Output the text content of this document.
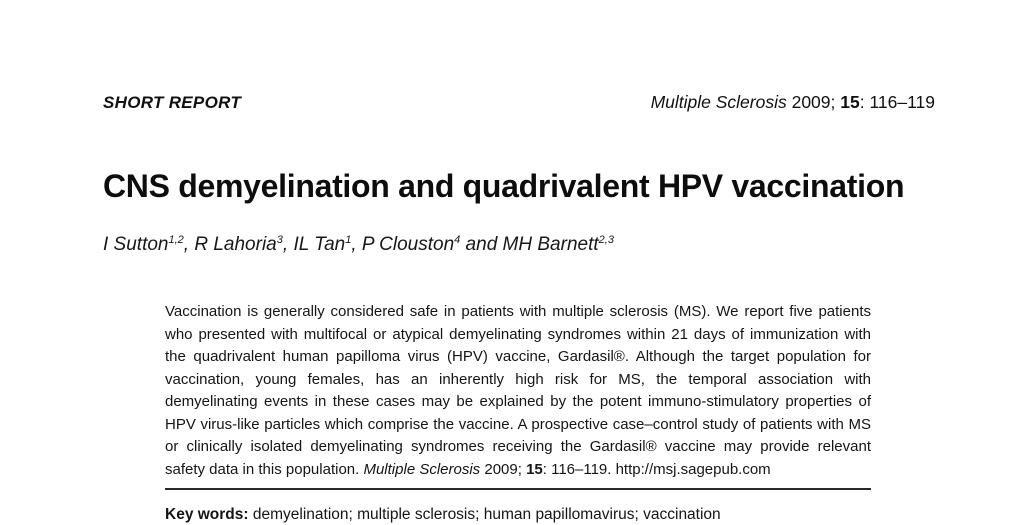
SHORT REPORT	Multiple Sclerosis 2009; 15: 116–119
CNS demyelination and quadrivalent HPV vaccination
I Sutton$^{1,2}$, R Lahoria$^3$, IL Tan$^1$, P Clouston$^4$ and MH Barnett$^{2,3}$

Vaccination is generally considered safe in patients with multiple sclerosis (MS). We report five patients who presented with multifocal or atypical demyelinating syndromes within 21 days of immunization with the quadrivalent human papilloma virus (HPV) vaccine, Gardasil®. Although the target population for vaccination, young females, has an inherently high risk for MS, the temporal association with demyelinating events in these cases may be explained by the potent immuno-stimulatory properties of HPV virus-like particles which comprise the vaccine. A prospective case–control study of patients with MS or clinically isolated demyelinating syndromes receiving the Gardasil® vaccine may provide relevant safety data in this population. Multiple Sclerosis 2009; 15: 116–119. http://msj.sagepub.com

Key words: demyelination; multiple sclerosis; human papillomavirus; vaccination
